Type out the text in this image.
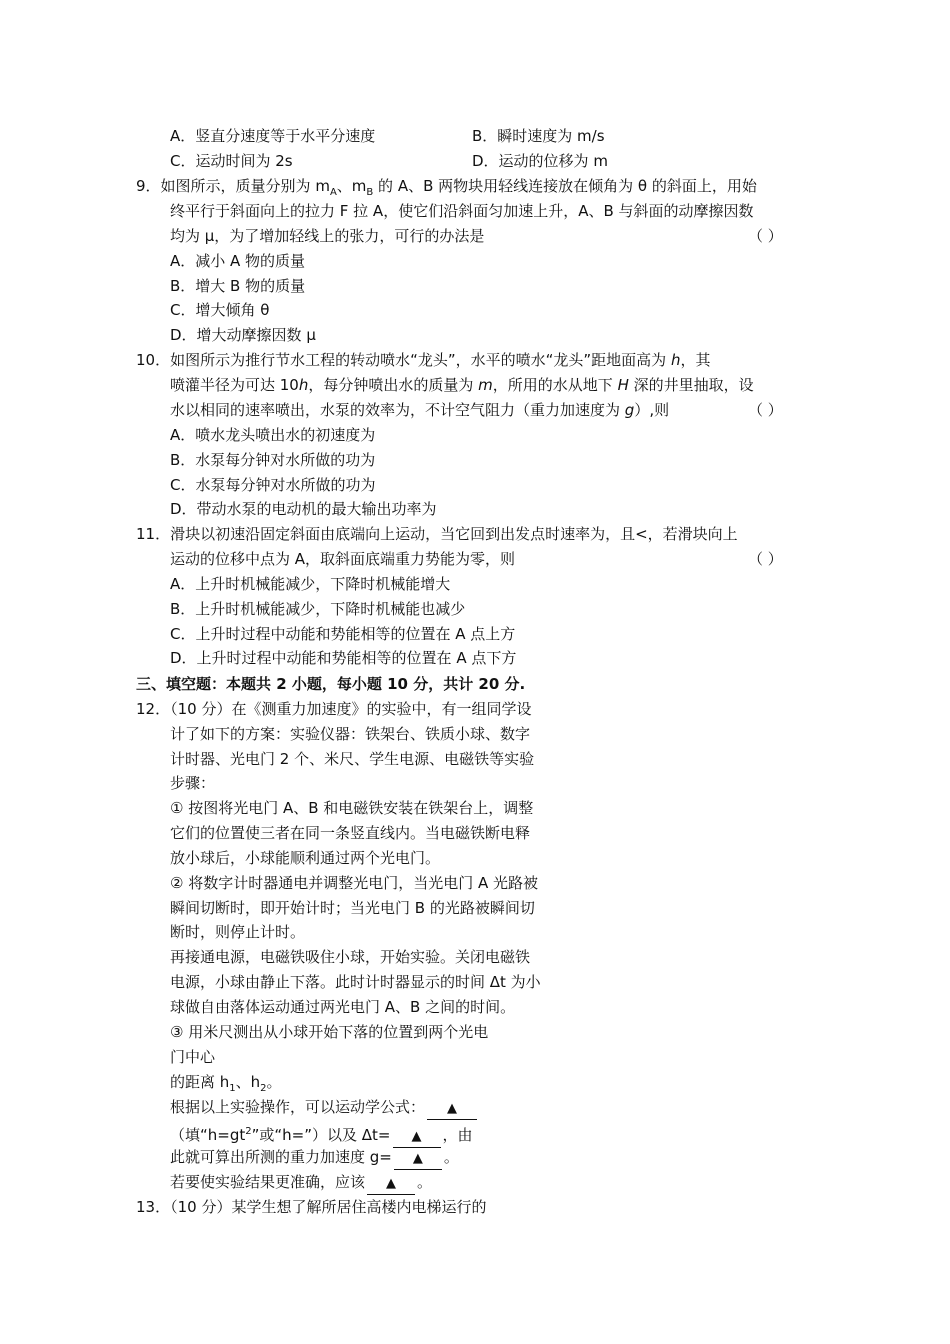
A．竖直分速度等于水平分速度	B．瞬时速度为 m/s
C．运动时间为 2s	D．运动的位移为 m
9．如图所示，质量分别为 $m_A$、$m_B$ 的 A、B 两物块用轻线连接放在倾角为 θ 的斜面上，用始
终平行于斜面向上的拉力 F 拉 A，使它们沿斜面匀加速上升，A、B 与斜面的动摩擦因数
均为 μ，为了增加轻线上的张力，可行的办法是	（ ）
A．减小 A 物的质量
B．增大 B 物的质量
C．增大倾角 θ
D．增大动摩擦因数 μ
10．如图所示为推行节水工程的转动喷水“龙头”，水平的喷水“龙头”距地面高为 h，其
喷灌半径为可达 10h，每分钟喷出水的质量为 m，所用的水从地下 H 深的井里抽取，设
水以相同的速率喷出，水泵的效率为，不计空气阻力（重力加速度为 g）,则	（ ）
A．喷水龙头喷出水的初速度为
B．水泵每分钟对水所做的功为
C．水泵每分钟对水所做的功为
D．带动水泵的电动机的最大输出功率为
11．滑块以初速沿固定斜面由底端向上运动，当它回到出发点时速率为，且<，若滑块向上
运动的位移中点为 A，取斜面底端重力势能为零，则	（ ）
A．上升时机械能减少，下降时机械能增大
B．上升时机械能减少，下降时机械能也减少
C．上升时过程中动能和势能相等的位置在 A 点上方
D．上升时过程中动能和势能相等的位置在 A 点下方
三、填空题：本题共 2 小题，每小题 10 分，共计 20 分.
12．（10 分）在《测重力加速度》的实验中，有一组同学设
计了如下的方案：实验仪器：铁架台、铁质小球、数字
计时器、光电门 2 个、米尺、学生电源、电磁铁等实验
步骤：
① 按图将光电门 A、B 和电磁铁安装在铁架台上，调整
它们的位置使三者在同一条竖直线内。当电磁铁断电释
放小球后，小球能顺利通过两个光电门。
② 将数字计时器通电并调整光电门，当光电门 A 光路被
瞬间切断时，即开始计时；当光电门 B 的光路被瞬间切
断时，则停止计时。
再接通电源，电磁铁吸住小球，开始实验。关闭电磁铁
电源，小球由静止下落。此时计时器显示的时间 Δt 为小
球做自由落体运动通过两光电门 A、B 之间的时间。
③ 用米尺测出从小球开始下落的位置到两个光电
门中心
的距离 $h_1$、$h_2$。
根据以上实验操作，可以运动学公式： ▲
（填“$h=gt^2$”或“h=”）以及 Δt= ▲ ，由
此就可算出所测的重力加速度 g= ▲ 。
若要使实验结果更准确，应该 ▲ 。
13．（10 分）某学生想了解所居住高楼内电梯运行的
